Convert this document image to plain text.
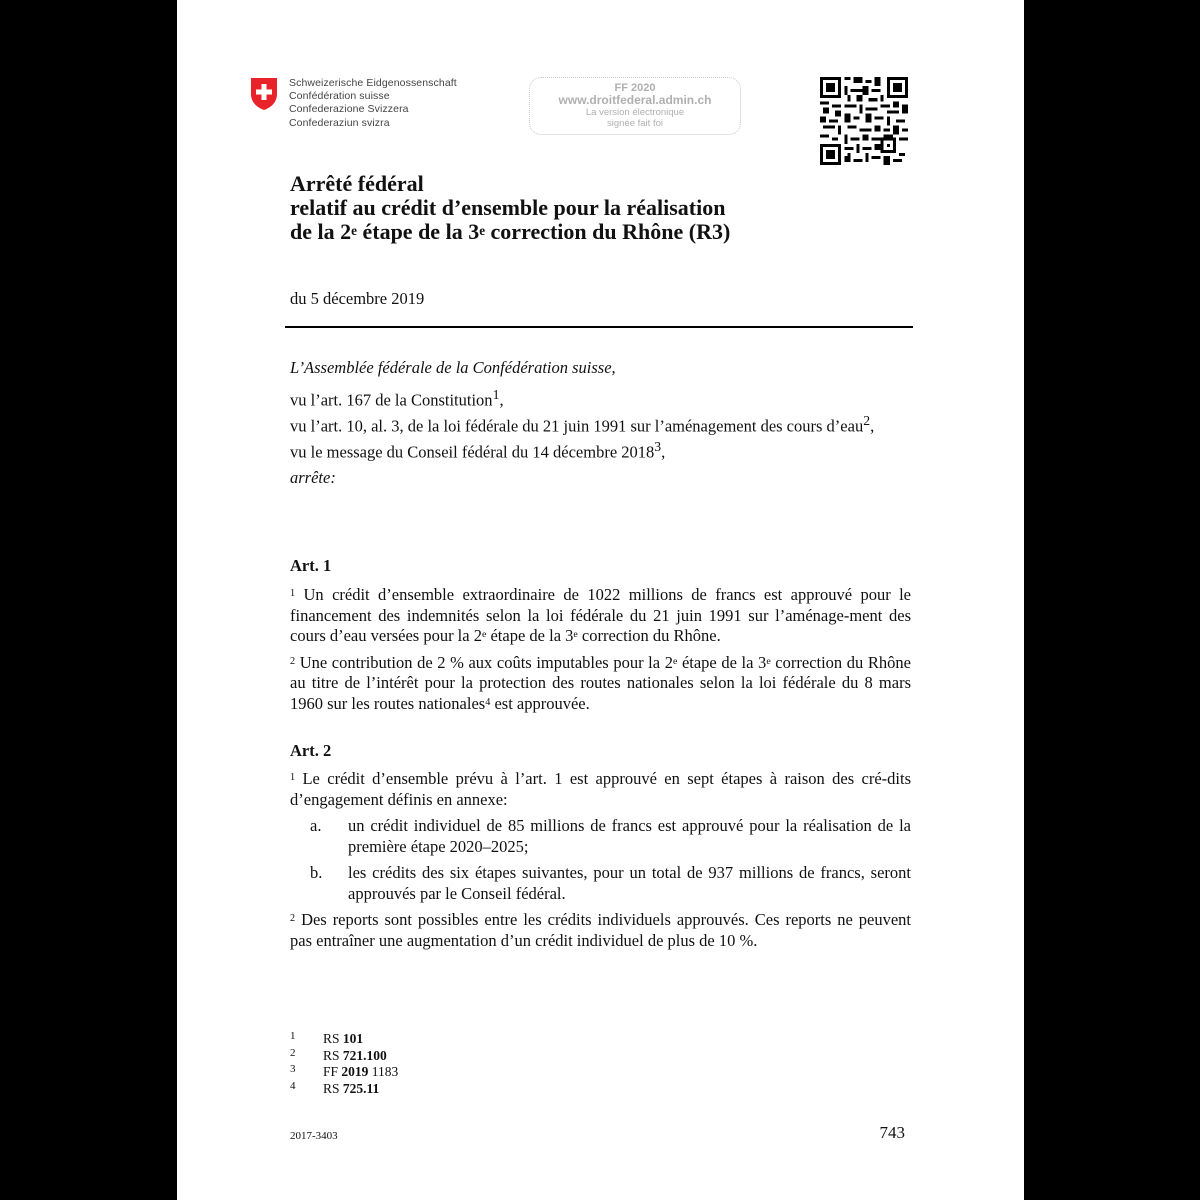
Schweizerische Eidgenossenschaft
Confédération suisse
Confederazione Svizzera
Confederaziun svizra
FF 2020
www.droitfederal.admin.ch
La version électronique
signée fait foi
Arrêté fédéral
relatif au crédit d’ensemble pour la réalisation
de la 2e étape de la 3e correction du Rhône (R3)
du 5 décembre 2019

L’Assemblée fédérale de la Confédération suisse,

vu l’art. 167 de la Constitution$^1$,

vu l’art. 10, al. 3, de la loi fédérale du 21 juin 1991 sur l’aménagement des cours d’eau$^2$,

vu le message du Conseil fédéral du 14 décembre 2018$^3$,

arrête:

Art. 1

$^1$ Un crédit d’ensemble extraordinaire de 1022 millions de francs est approuvé pour le financement des indemnités selon la loi fédérale du 21 juin 1991 sur l’aménage-ment des cours d’eau versées pour la 2e étape de la 3e correction du Rhône.

$^2$ Une contribution de 2 % aux coûts imputables pour la 2e étape de la 3e correction du Rhône au titre de l’intérêt pour la protection des routes nationales selon la loi fédérale du 8 mars 1960 sur les routes nationales$^4$ est approuvée.

Art. 2

$^1$ Le crédit d’ensemble prévu à l’art. 1 est approuvé en sept étapes à raison des cré-dits d’engagement définis en annexe:

a.	un crédit individuel de 85 millions de francs est approuvé pour la réalisation de la première étape 2020–2025;
b.	les crédits des six étapes suivantes, pour un total de 937 millions de francs, seront approuvés par le Conseil fédéral.

$^2$ Des reports sont possibles entre les crédits individuels approuvés. Ces reports ne peuvent pas entraîner une augmentation d’un crédit individuel de plus de 10 %.

1	RS 101
2	RS 721.100
3	FF 2019 1183
4	RS 725.11
2017-3403	743
